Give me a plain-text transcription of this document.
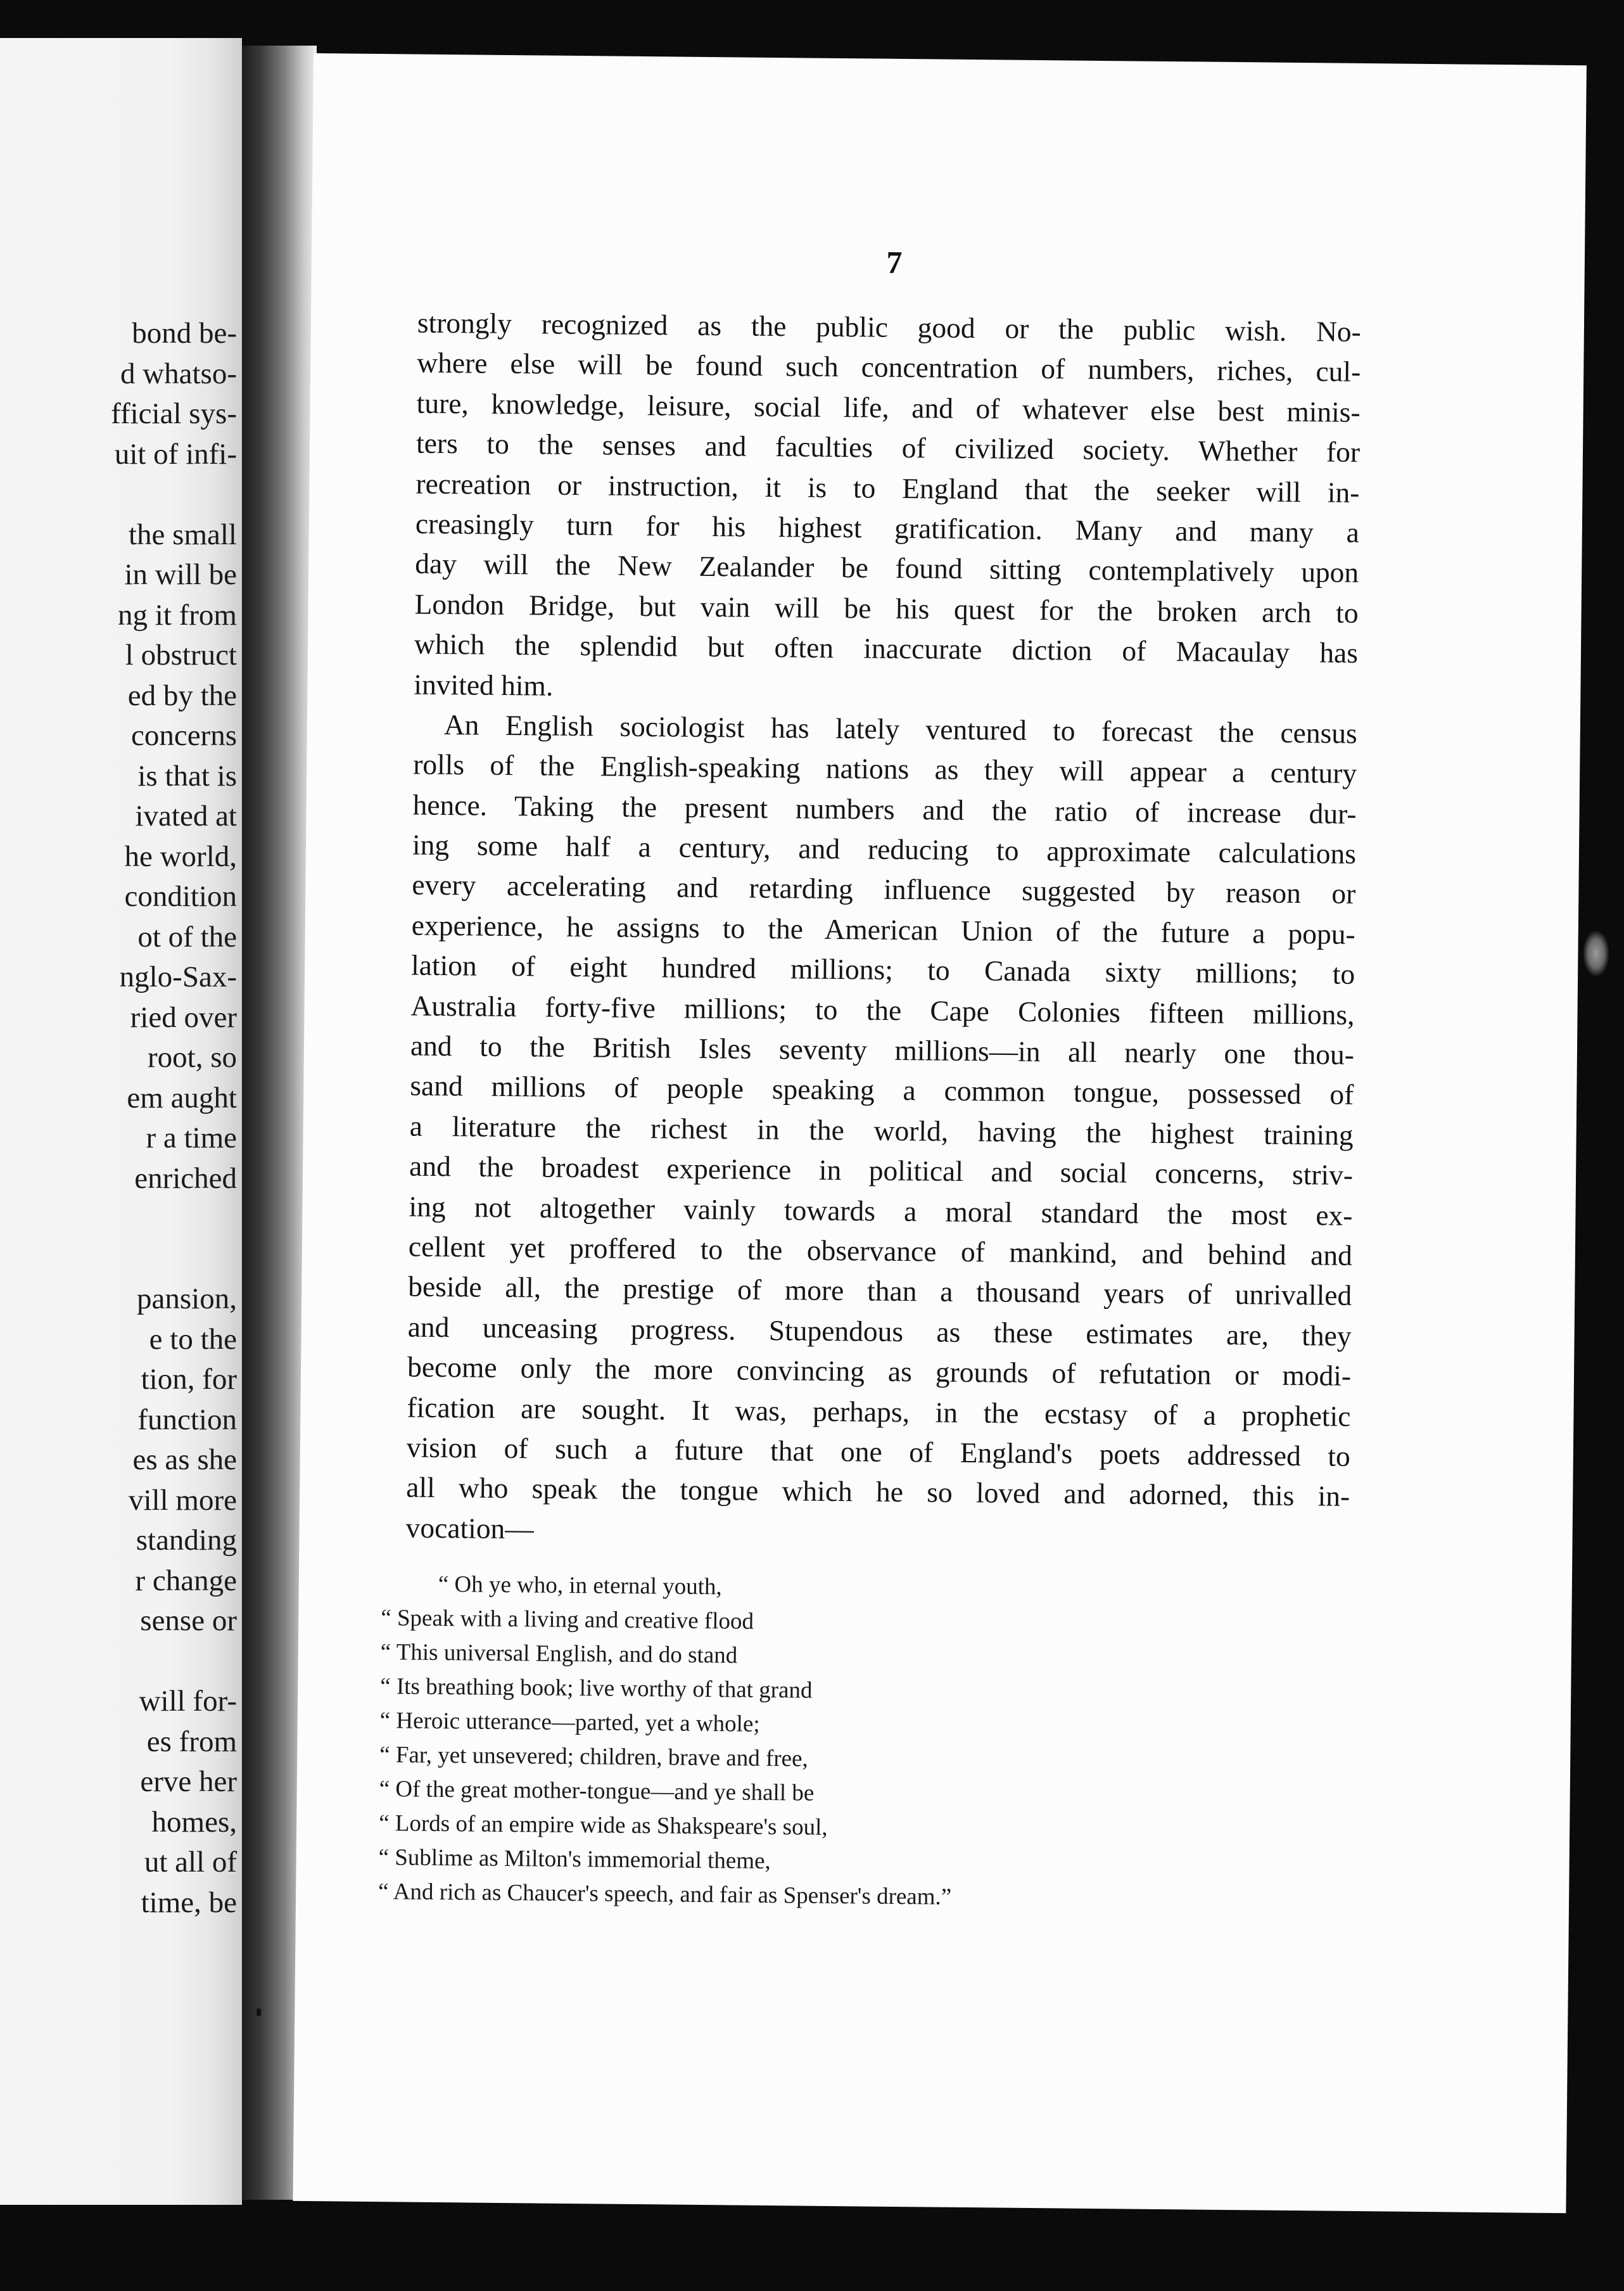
bond be-
d whatso-
fficial sys-
uit of infi-
the small
in will be
ng it from
l obstruct
ed by the
concerns
is that is
ivated at
he world,
condition
ot of the
nglo-Sax-
ried over
root, so
em aught
r a time
enriched
pansion,
e to the
tion, for
function
es as she
vill more
standing
r change
sense or
will for-
es from
erve her
homes,
ut all of
time, be
7
strongly recognized as the public good or the public wish. No-
where else will be found such concentration of numbers, riches, cul-
ture, knowledge, leisure, social life, and of whatever else best minis-
ters to the senses and faculties of civilized society. Whether for
recreation or instruction, it is to England that the seeker will in-
creasingly turn for his highest gratification. Many and many a
day will the New Zealander be found sitting contemplatively upon
London Bridge, but vain will be his quest for the broken arch to
which the splendid but often inaccurate diction of Macaulay has
invited him.
An English sociologist has lately ventured to forecast the census
rolls of the English-speaking nations as they will appear a century
hence. Taking the present numbers and the ratio of increase dur-
ing some half a century, and reducing to approximate calculations
every accelerating and retarding influence suggested by reason or
experience, he assigns to the American Union of the future a popu-
lation of eight hundred millions; to Canada sixty millions; to
Australia forty-five millions; to the Cape Colonies fifteen millions,
and to the British Isles seventy millions—in all nearly one thou-
sand millions of people speaking a common tongue, possessed of
a literature the richest in the world, having the highest training
and the broadest experience in political and social concerns, striv-
ing not altogether vainly towards a moral standard the most ex-
cellent yet proffered to the observance of mankind, and behind and
beside all, the prestige of more than a thousand years of unrivalled
and unceasing progress. Stupendous as these estimates are, they
become only the more convincing as grounds of refutation or modi-
fication are sought. It was, perhaps, in the ecstasy of a prophetic
vision of such a future that one of England's poets addressed to
all who speak the tongue which he so loved and adorned, this in-
vocation—
“ Oh ye who, in eternal youth,
“ Speak with a living and creative flood
“ This universal English, and do stand
“ Its breathing book; live worthy of that grand
“ Heroic utterance—parted, yet a whole;
“ Far, yet unsevered; children, brave and free,
“ Of the great mother-tongue—and ye shall be
“ Lords of an empire wide as Shakspeare's soul,
“ Sublime as Milton's immemorial theme,
“ And rich as Chaucer's speech, and fair as Spenser's dream.”
